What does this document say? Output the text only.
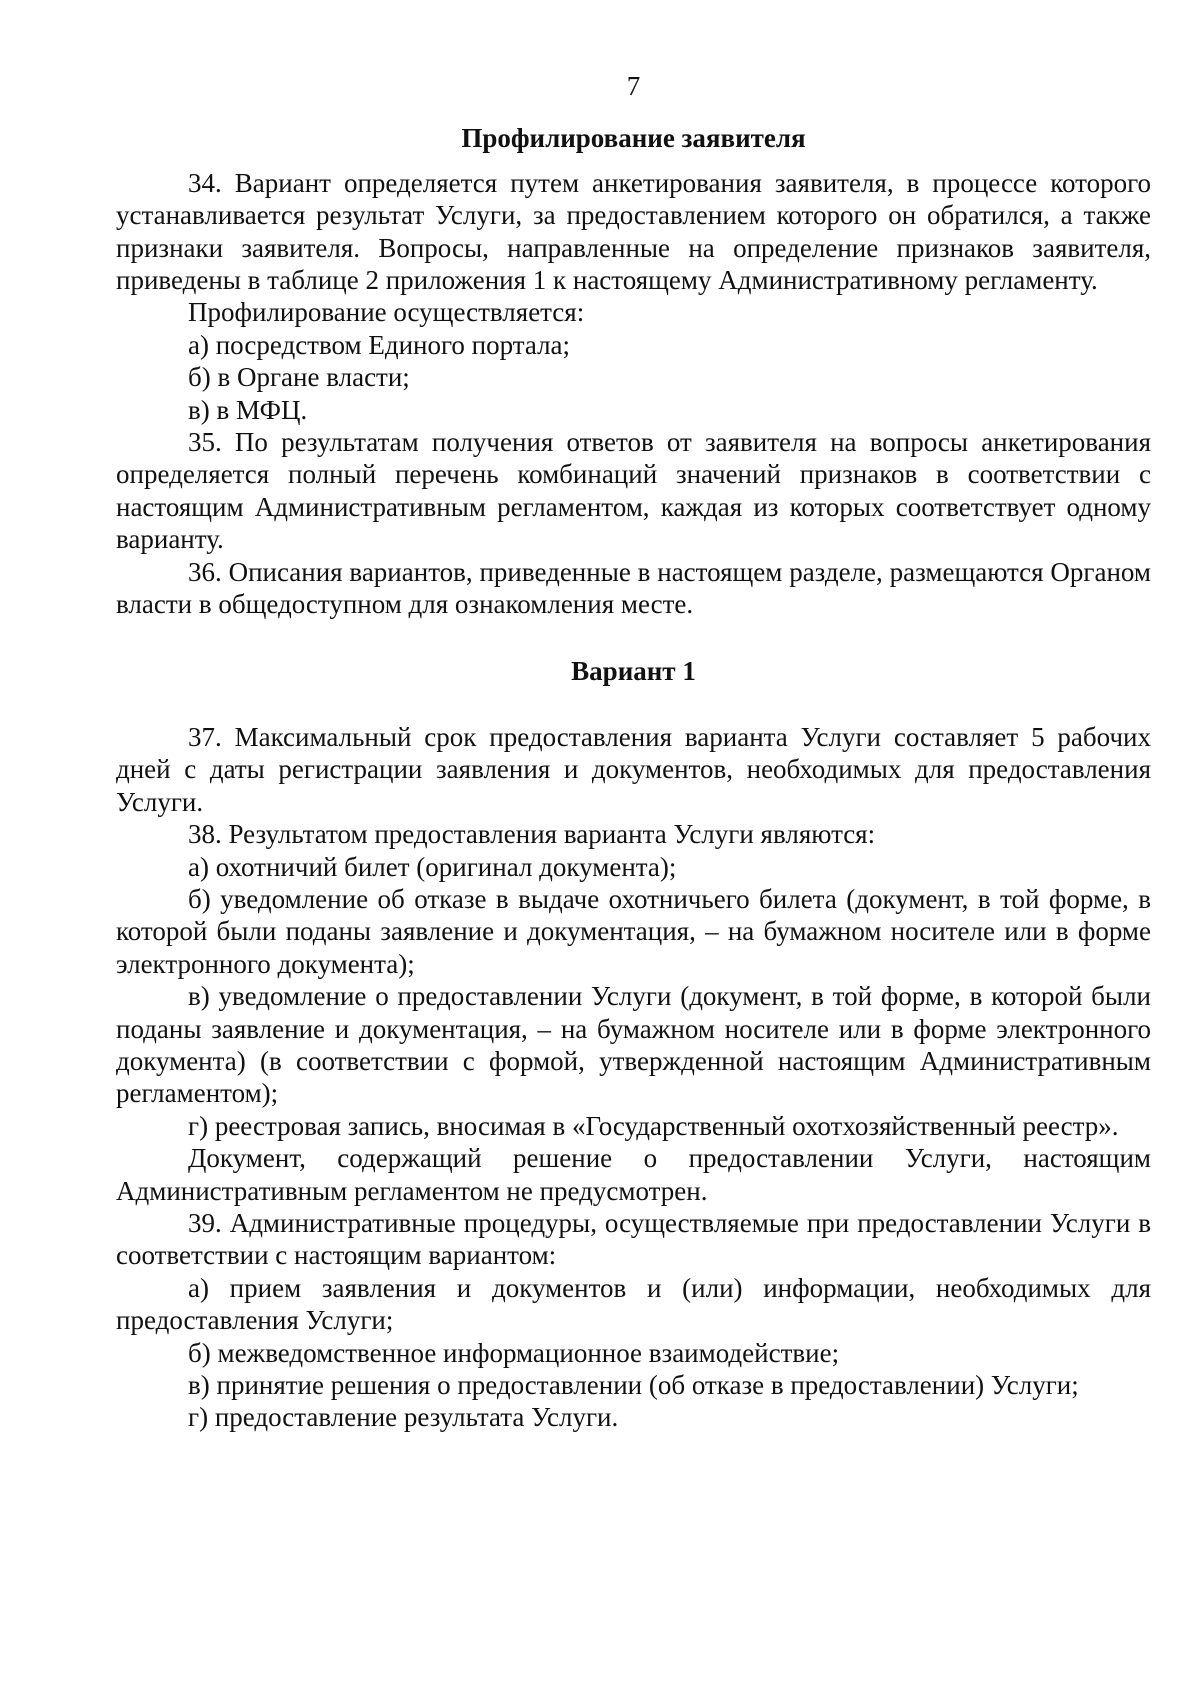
7
Профилирование заявителя

34. Вариант определяется путем анкетирования заявителя, в процессе которого устанавливается результат Услуги, за предоставлением которого он обратился, а также признаки заявителя. Вопросы, направленные на определение признаков заявителя, приведены в таблице 2 приложения 1 к настоящему Административному регламенту.

Профилирование осуществляется:

а) посредством Единого портала;

б) в Органе власти;

в) в МФЦ.

35. По результатам получения ответов от заявителя на вопросы анкетирования определяется полный перечень комбинаций значений признаков в соответствии с настоящим Административным регламентом, каждая из которых соответствует одному варианту.

36. Описания вариантов, приведенные в настоящем разделе, размещаются Органом власти в общедоступном для ознакомления месте.

Вариант 1

37. Максимальный срок предоставления варианта Услуги составляет 5 рабочих дней с даты регистрации заявления и документов, необходимых для предоставления Услуги.

38. Результатом предоставления варианта Услуги являются:

а) охотничий билет (оригинал документа);

б) уведомление об отказе в выдаче охотничьего билета (документ, в той форме, в которой были поданы заявление и документация, – на бумажном носителе или в форме электронного документа);

в) уведомление о предоставлении Услуги (документ, в той форме, в которой были поданы заявление и документация, – на бумажном носителе или в форме электронного документа) (в соответствии с формой, утвержденной настоящим Административным регламентом);

г) реестровая запись, вносимая в «Государственный охотхозяйственный реестр».

Документ, содержащий решение о предоставлении Услуги, настоящим Административным регламентом не предусмотрен.

39. Административные процедуры, осуществляемые при предоставлении Услуги в соответствии с настоящим вариантом:

а) прием заявления и документов и (или) информации, необходимых для предоставления Услуги;

б) межведомственное информационное взаимодействие;

в) принятие решения о предоставлении (об отказе в предоставлении) Услуги;

г) предоставление результата Услуги.
